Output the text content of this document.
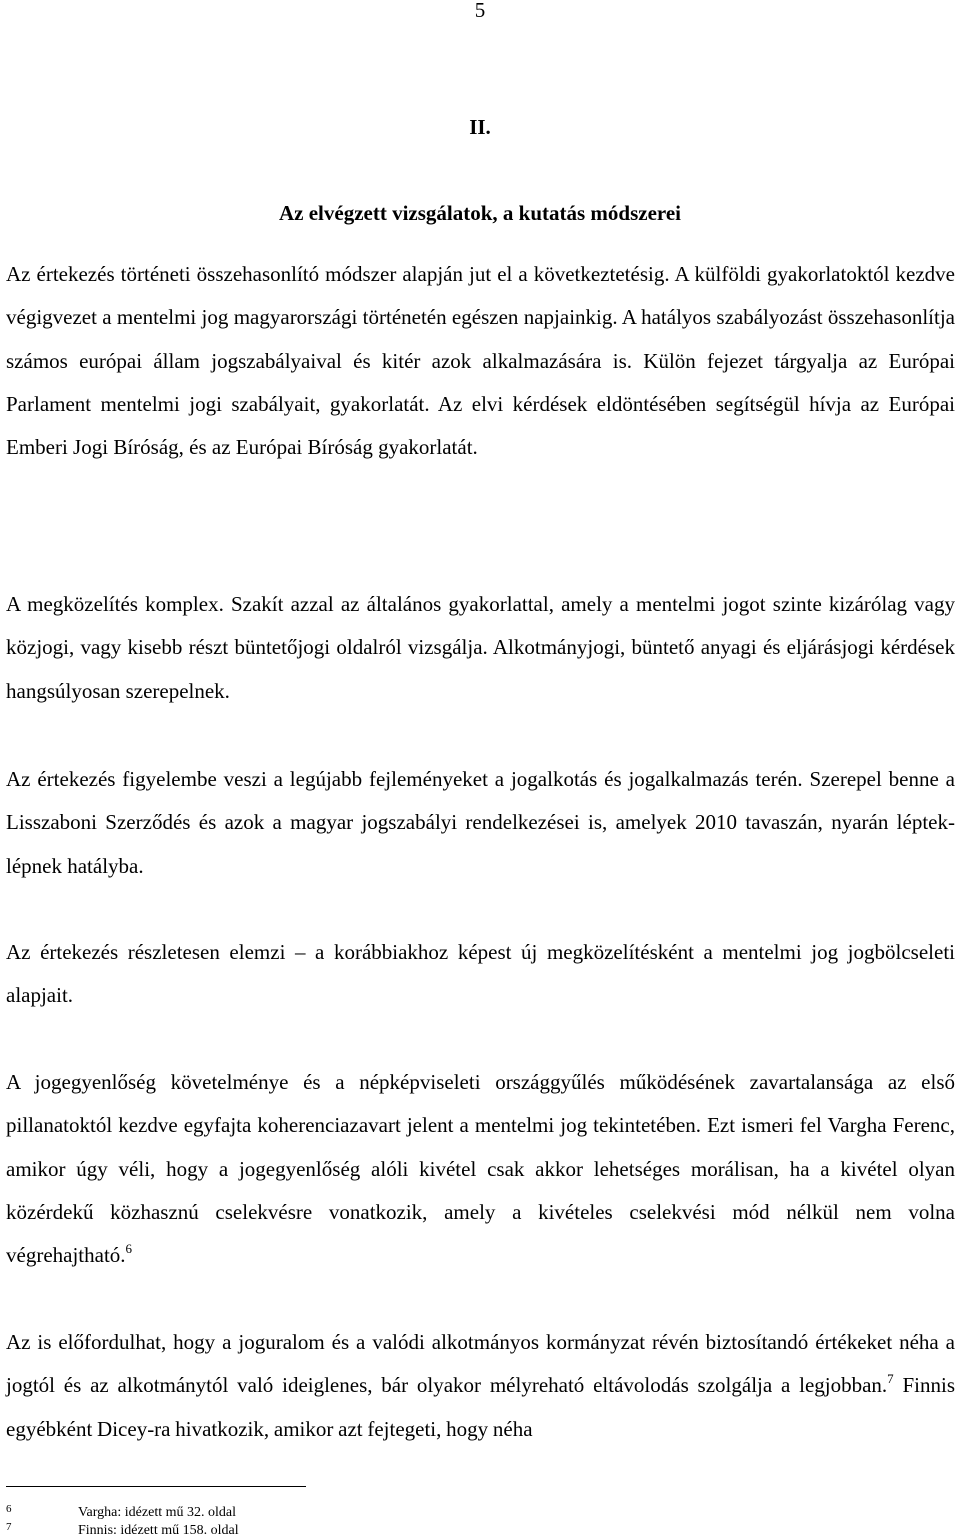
5
II.
Az elvégzett vizsgálatok, a kutatás módszerei

Az értekezés történeti összehasonlító módszer alapján jut el a következtetésig. A külföldi gyakorlatoktól kezdve végigvezet a mentelmi jog magyarországi történetén egészen napjainkig. A hatályos szabályozást összehasonlítja számos európai állam jogszabályaival és kitér azok alkalmazására is. Külön fejezet tárgyalja az Európai Parlament mentelmi jogi szabályait, gyakorlatát. Az elvi kérdések eldöntésében segítségül hívja az Európai Emberi Jogi Bíróság, és az Európai Bíróság gyakorlatát.

A megközelítés komplex. Szakít azzal az általános gyakorlattal, amely a mentelmi jogot szinte kizárólag vagy közjogi, vagy kisebb részt büntetőjogi oldalról vizsgálja. Alkotmányjogi, büntető anyagi és eljárásjogi kérdések hangsúlyosan szerepelnek.

Az értekezés figyelembe veszi a legújabb fejleményeket a jogalkotás és jogalkalmazás terén. Szerepel benne a Lisszaboni Szerződés és azok a magyar jogszabályi rendelkezései is, amelyek 2010 tavaszán, nyarán léptek-lépnek hatályba.

Az értekezés részletesen elemzi – a korábbiakhoz képest új megközelítésként a mentelmi jog jogbölcseleti alapjait.

A jogegyenlőség követelménye és a népképviseleti országgyűlés működésének zavartalansága az első pillanatoktól kezdve egyfajta koherenciazavart jelent a mentelmi jog tekintetében. Ezt ismeri fel Vargha Ferenc, amikor úgy véli, hogy a jogegyenlőség alóli kivétel csak akkor lehetséges morálisan, ha a kivétel olyan közérdekű közhasznú cselekvésre vonatkozik, amely a kivételes cselekvési mód nélkül nem volna végrehajtható.$^6$

Az is előfordulhat, hogy a joguralom és a valódi alkotmányos kormányzat révén biztosítandó értékeket néha a jogtól és az alkotmánytól való ideiglenes, bár olyakor mélyreható eltávolodás szolgálja a legjobban.$^7$ Finnis egyébként Dicey-ra hivatkozik, amikor azt fejtegeti, hogy néha

6	Vargha: idézett mű 32. oldal
7	Finnis: idézett mű 158. oldal
